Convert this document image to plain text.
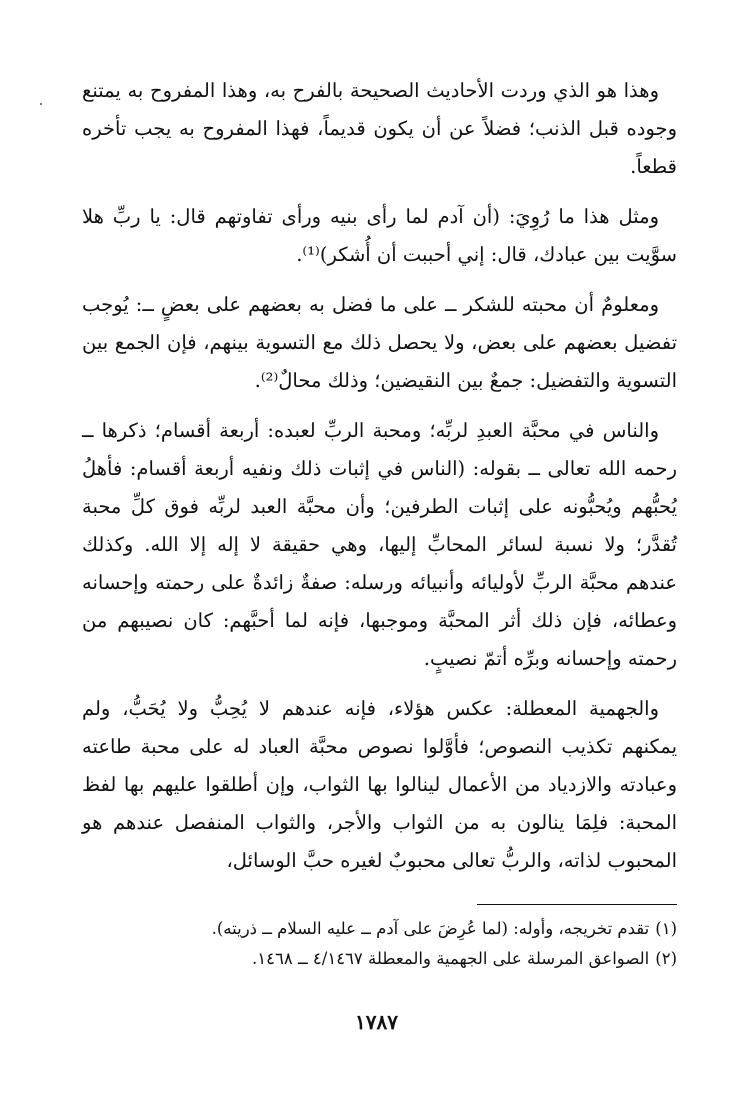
وهذا هو الذي وردت الأحاديث الصحيحة بالفرح به، وهذا المفروح به يمتنع وجوده قبل الذنب؛ فضلاً عن أن يكون قديماً، فهذا المفروح به يجب تأخره قطعاً.

ومثل هذا ما رُوِيَ: (أن آدم لما رأى بنيه ورأى تفاوتهم قال: يا ربِّ هلا سوَّيت بين عبادك، قال: إني أحببت أن أُشكر)⁽¹⁾.

ومعلومٌ أن محبته للشكر ــ على ما فضل به بعضهم على بعضٍ ــ: يُوجب تفضيل بعضهم على بعض، ولا يحصل ذلك مع التسوية بينهم، فإن الجمع بين التسوية والتفضيل: جمعٌ بين النقيضين؛ وذلك محالٌ⁽²⁾.

والناس في محبَّة العبدِ لربِّه؛ ومحبة الربِّ لعبده: أربعة أقسام؛ ذكرها ــ رحمه الله تعالى ــ بقوله: (الناس في إثبات ذلك ونفيه أربعة أقسام: فأهلُ يُحبُّهم ويُحبُّونه على إثبات الطرفين؛ وأن محبَّة العبد لربِّه فوق كلِّ محبة تُقدَّر؛ ولا نسبة لسائر المحابِّ إليها، وهي حقيقة لا إله إلا الله. وكذلك عندهم محبَّة الربِّ لأوليائه وأنبيائه ورسله: صفةٌ زائدةٌ على رحمته وإحسانه وعطائه، فإن ذلك أثر المحبَّة وموجبها، فإنه لما أحبَّهم: كان نصيبهم من رحمته وإحسانه وبرِّه أتمّ نصيبٍ.

والجهمية المعطلة: عكس هؤلاء، فإنه عندهم لا يُحِبُّ ولا يُحَبُّ، ولم يمكنهم تكذيب النصوص؛ فأوَّلوا نصوص محبَّة العباد له على محبة طاعته وعبادته والازدياد من الأعمال لينالوا بها الثواب، وإن أطلقوا عليهم بها لفظ المحبة: فلِمَا ينالون به من الثواب والأجر، والثواب المنفصل عندهم هو المحبوب لذاته، والربُّ تعالى محبوبٌ لغيره حبَّ الوسائل،

(١)تقدم تخريجه، وأوله: (لما عُرِضَ على آدم ــ عليه السلام ــ ذريته).

(٢)الصواعق المرسلة على الجهمية والمعطلة ٤/١٤٦٧ ــ ١٤٦٨.

١٧٨٧
